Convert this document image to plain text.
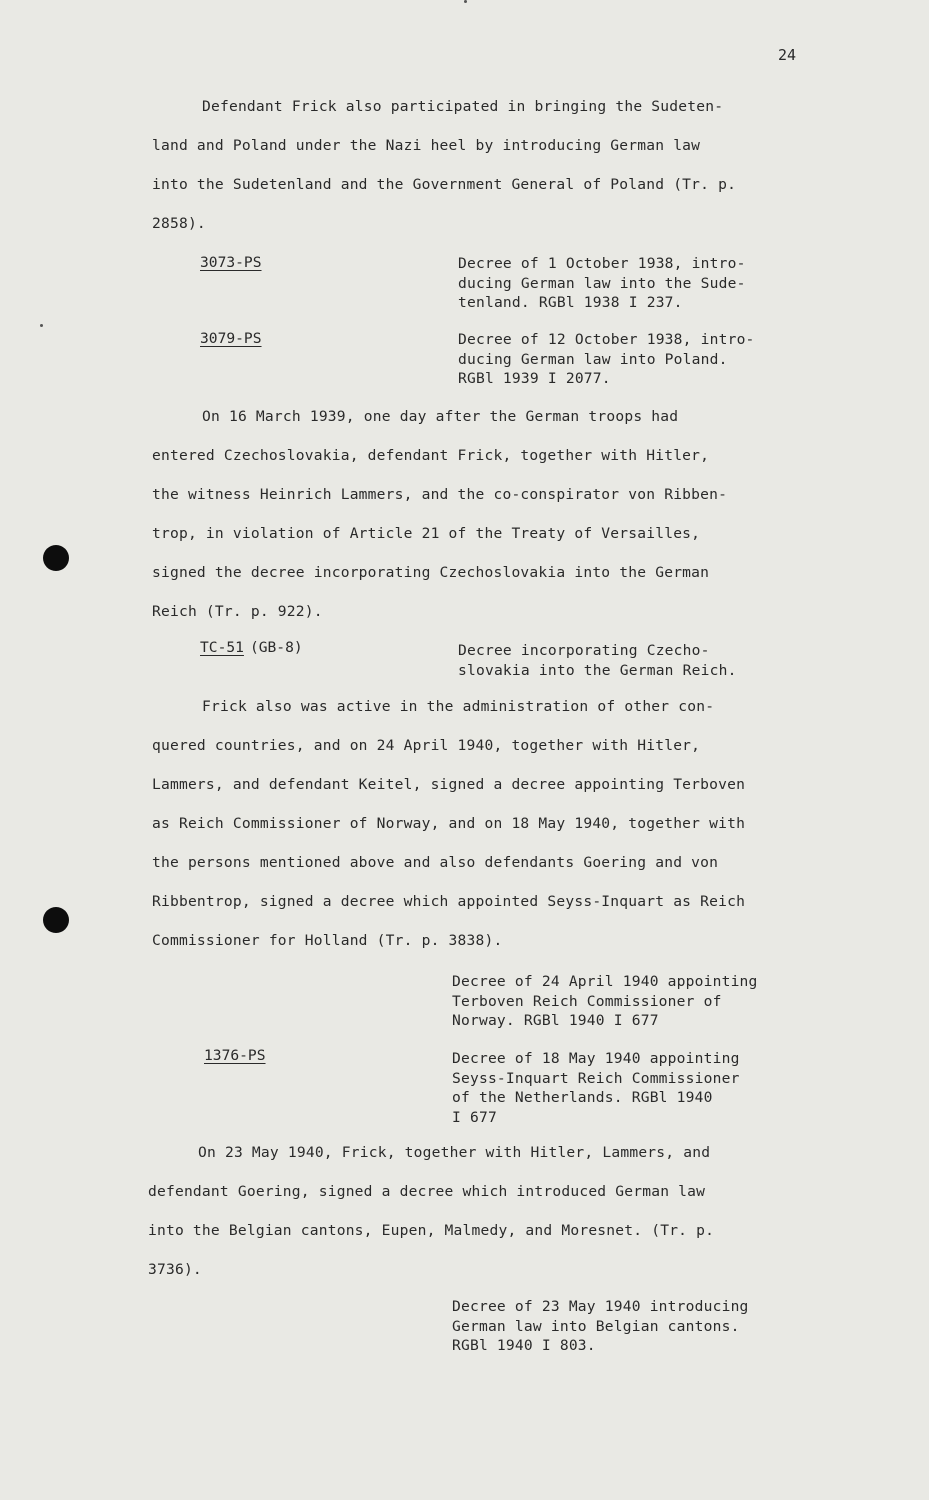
24
Defendant Frick also participated in bringing the Sudeten-
land and Poland under the Nazi heel by introducing German law
into the Sudetenland and the Government General of Poland (Tr. p.
2858).
3073-PS	Decree of 1 October 1938, intro-
ducing German law into the Sude-
tenland. RGBl 1938 I 237.
3079-PS	Decree of 12 October 1938, intro-
ducing German law into Poland.
RGBl 1939 I 2077.
On 16 March 1939, one day after the German troops had
entered Czechoslovakia, defendant Frick, together with Hitler,
the witness Heinrich Lammers, and the co-conspirator von Ribben-
trop, in violation of Article 21 of the Treaty of Versailles,
signed the decree incorporating Czechoslovakia into the German
Reich (Tr. p. 922).
TC-51 (GB-8)	Decree incorporating Czecho-
slovakia into the German Reich.
Frick also was active in the administration of other con-
quered countries, and on 24 April 1940, together with Hitler,
Lammers, and defendant Keitel, signed a decree appointing Terboven
as Reich Commissioner of Norway, and on 18 May 1940, together with
the persons mentioned above and also defendants Goering and von
Ribbentrop, signed a decree which appointed Seyss-Inquart as Reich
Commissioner for Holland (Tr. p. 3838).
Decree of 24 April 1940 appointing
Terboven Reich Commissioner of
Norway. RGBl 1940 I 677
1376-PS	Decree of 18 May 1940 appointing
Seyss-Inquart Reich Commissioner
of the Netherlands. RGBl 1940
I 677
On 23 May 1940, Frick, together with Hitler, Lammers, and
defendant Goering, signed a decree which introduced German law
into the Belgian cantons, Eupen, Malmedy, and Moresnet. (Tr. p.
3736).
Decree of 23 May 1940 introducing
German law into Belgian cantons.
RGBl 1940 I 803.
